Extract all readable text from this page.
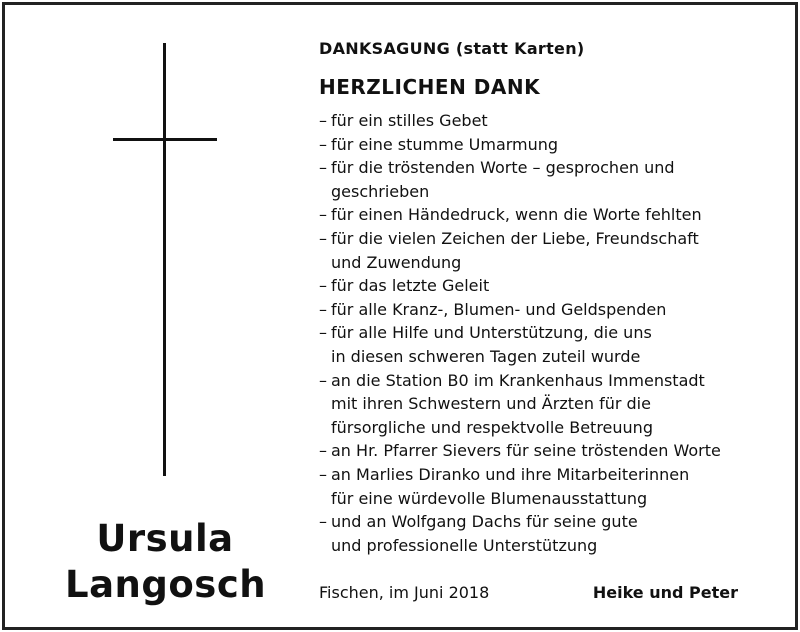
Ursula
Langosch
DANKSAGUNG (statt Karten)
HERZLICHEN DANK
– für ein stilles Gebet
– für eine stumme Umarmung
– für die tröstenden Worte – gesprochen und
geschrieben
– für einen Händedruck, wenn die Worte fehlten
– für die vielen Zeichen der Liebe, Freundschaft
und Zuwendung
– für das letzte Geleit
– für alle Kranz-, Blumen- und Geldspenden
– für alle Hilfe und Unterstützung, die uns
in diesen schweren Tagen zuteil wurde
– an die Station B0 im Krankenhaus Immenstadt
mit ihren Schwestern und Ärzten für die
fürsorgliche und respektvolle Betreuung
– an Hr. Pfarrer Sievers für seine tröstenden Worte
– an Marlies Diranko und ihre Mitarbeiterinnen
für eine würdevolle Blumenausstattung
– und an Wolfgang Dachs für seine gute
und professionelle Unterstützung
Fischen, im Juni 2018	Heike und Peter
